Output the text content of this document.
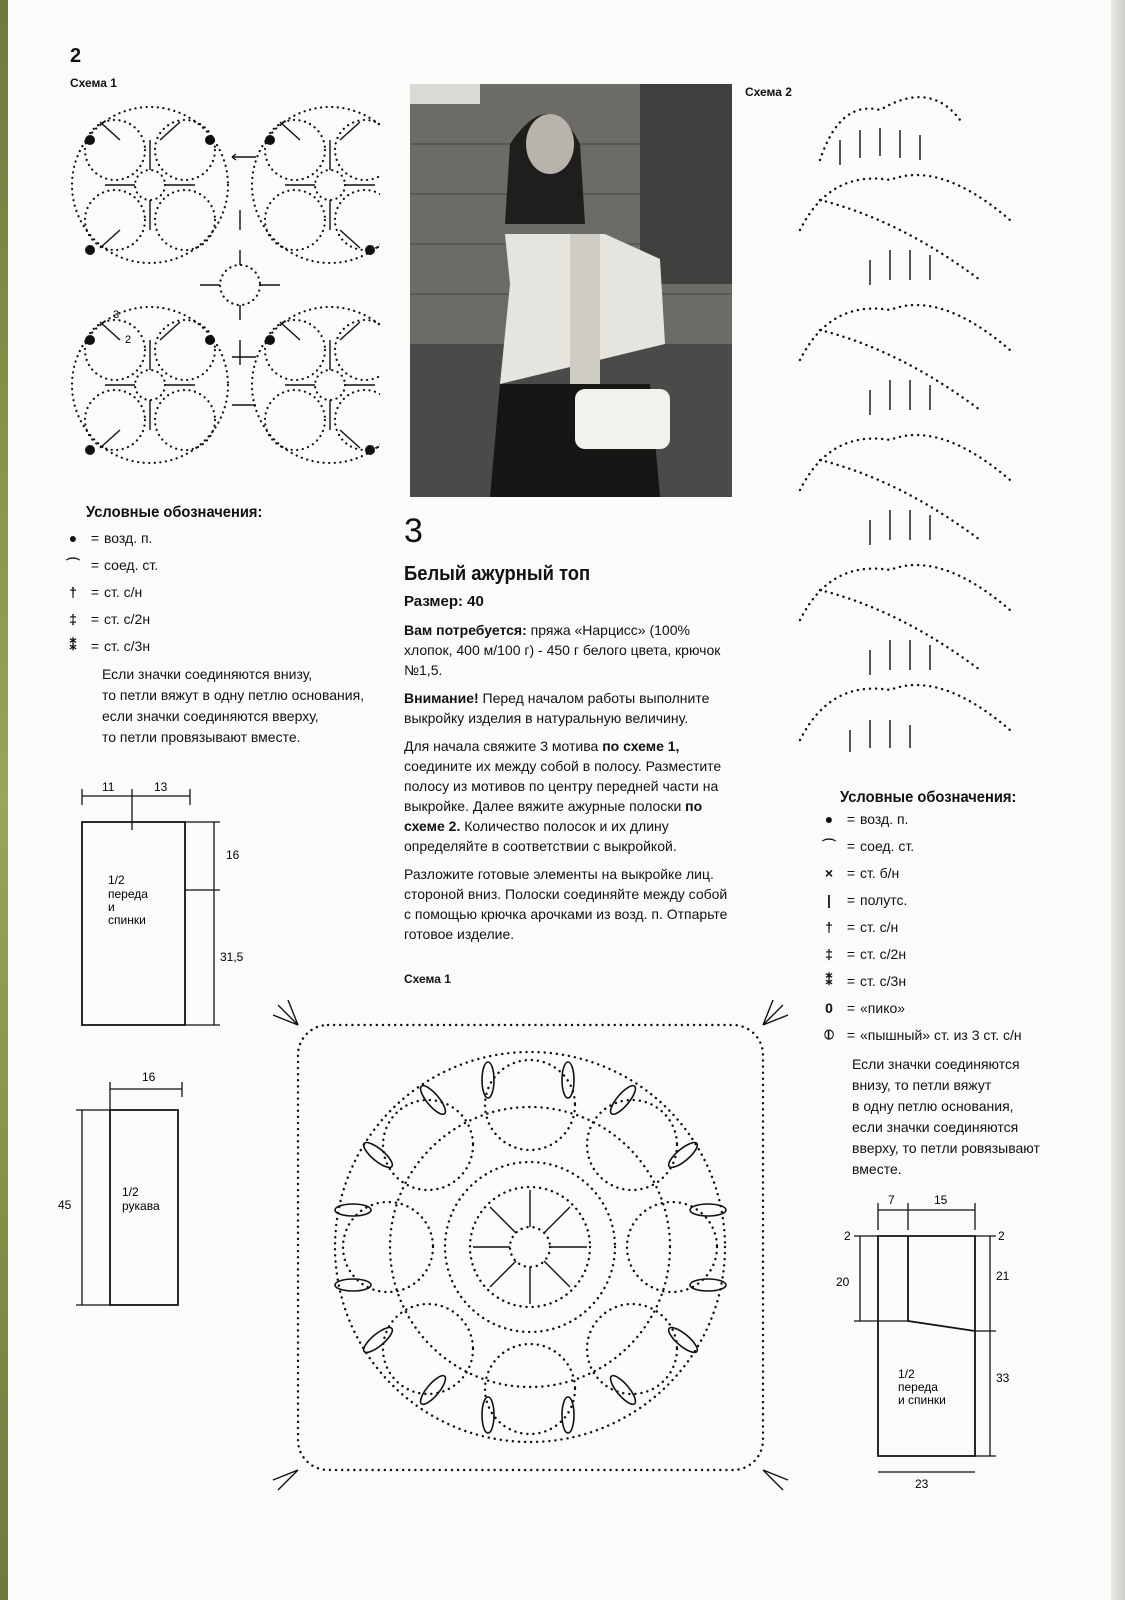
2
Схема 1
3
2
Условные обозначения:
● = возд. п.
⌒ = соед. ст.
†	= ст. с/н
‡	= ст. с/2н
⁑	= ст. с/3н
Если значки соединяются внизу,
то петли вяжут в одну петлю основания,
если значки соединяются вверху,
то петли провязывают вместе.
11	13
16
31,5
1/2
переда
и
спинки
16
45
1/2
рукава
3
Белый ажурный топ

Размер: 40

Вам потребуется: пряжа «Нарцисс» (100% хлопок, 400 м/100 г) - 450 г белого цвета, крючок №1,5.

Внимание! Перед началом работы выполните выкройку изделия в натуральную величину.

Для начала свяжите 3 мотива по схеме 1, соедините их между собой в полосу. Разместите полосу из мотивов по центру передней части на выкройке. Далее вяжите ажурные полоски по схеме 2. Количество полосок и их длину определяйте в соответствии с выкройкой.

Разложите готовые элементы на выкройке лиц. стороной вниз. Полоски соединяйте между собой с помощью крючка арочками из возд. п. Отпарьте готовое изделие.

Схема 1
Схема 2
Условные обозначения:
● = возд. п.
⌒ = соед. ст.
× = ст. б/н
|	= полутс.
†	= ст. с/н
‡	= ст. с/2н
⁑	= ст. с/3н
0	= «пико»
⦶ = «пышный» ст. из 3 ст. с/н
Если значки соединяются
внизу, то петли вяжут
в одну петлю основания,
если значки соединяются
вверху, то петли ровязывают
вместе.
7	15
2	2
20	21
33
23
1/2
переда
и спинки
